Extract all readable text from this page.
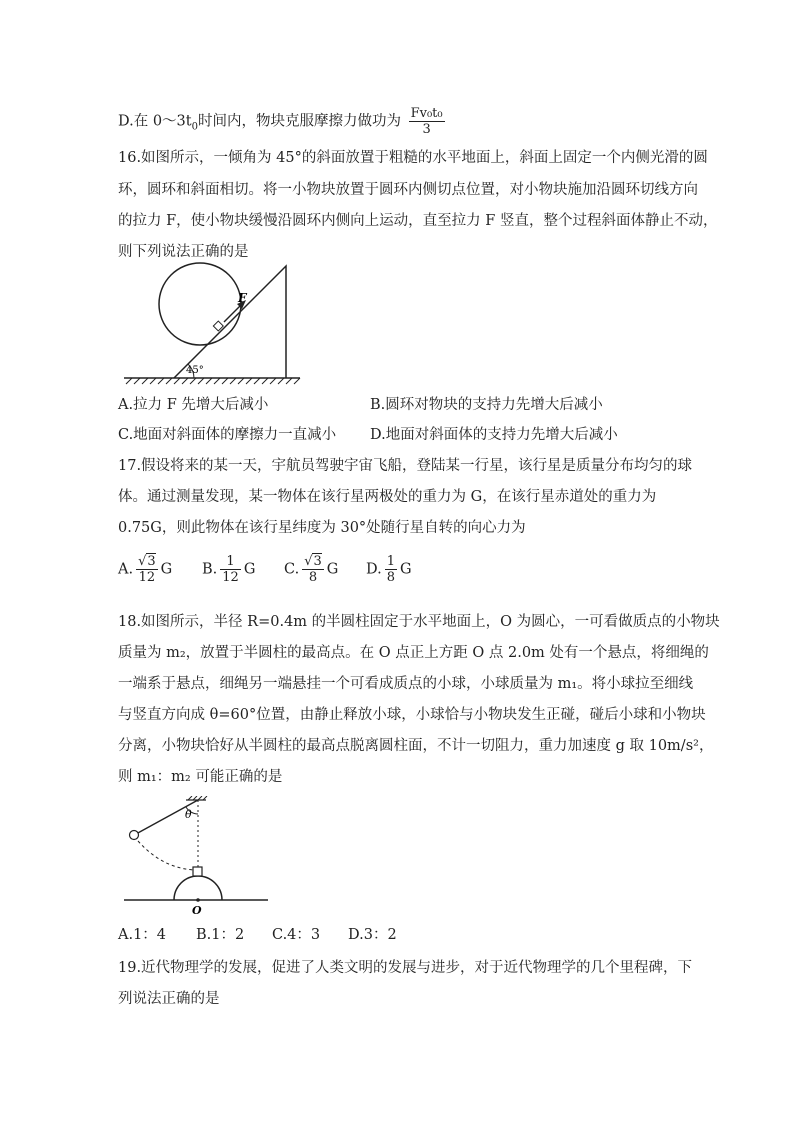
D.在 $0\sim 3t_0$时间内，物块克服摩擦力做功为 $\frac{\text{Fv₀t₀}}{3}$
16.如图所示，一倾角为 45°的斜面放置于粗糙的水平地面上，斜面上固定一个内侧光滑的圆
环，圆环和斜面相切。将一小物块放置于圆环内侧切点位置，对小物块施加沿圆环切线方向
的拉力 F，使小物块缓慢沿圆环内侧向上运动，直至拉力 F 竖直，整个过程斜面体静止不动，
则下列说法正确的是
F
45°
A.拉力 F 先增大后减小	B.圆环对物块的支持力先增大后减小
C.地面对斜面体的摩擦力一直减小 D.地面对斜面体的支持力先增大后减小
17.假设将来的某一天，宇航员驾驶宇宙飞船，登陆某一行星，该行星是质量分布均匀的球
体。通过测量发现，某一物体在该行星两极处的重力为 G，在该行星赤道处的重力为
0.75G，则此物体在该行星纬度为 30°处随行星自转的向心力为
A. $\frac{√3}{12}$ G B. $\frac{1}{12}$ G C. $\frac{√3}{8}$ G D. $\frac{1}{8}$ G
18.如图所示，半径 R=0.4m 的半圆柱固定于水平地面上，O 为圆心，一可看做质点的小物块
质量为 m₂，放置于半圆柱的最高点。在 O 点正上方距 O 点 2.0m 处有一个悬点，将细绳的
一端系于悬点，细绳另一端悬挂一个可看成质点的小球，小球质量为 m₁。将小球拉至细线
与竖直方向成 θ=60°位置，由静止释放小球，小球恰与小物块发生正碰，碰后小球和小物块
分离，小物块恰好从半圆柱的最高点脱离圆柱面，不计一切阻力，重力加速度 g 取 10m/s²，
则 m₁：m₂ 可能正确的是
θ
O
A.1：4 B.1：2 C.4：3 D.3：2
19.近代物理学的发展，促进了人类文明的发展与进步，对于近代物理学的几个里程碑，下
列说法正确的是
